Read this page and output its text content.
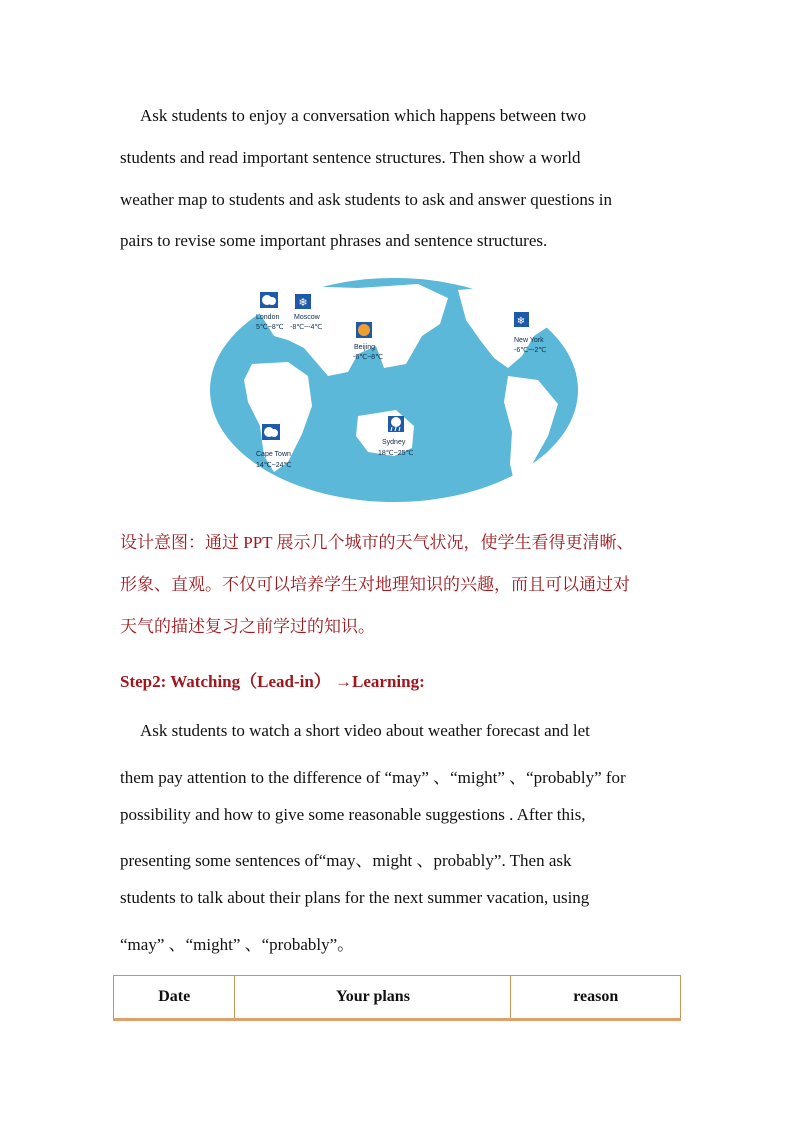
Ask students to enjoy a conversation which happens between two
students and read important sentence structures. Then show a world
weather map to students and ask students to ask and answer questions in
pairs to revise some important phrases and sentence structures.
London
5℃~8℃
❄
Moscow
-8℃~-4℃
Beijing
-6℃~8℃
❄
New York
-6℃~-2℃
Cape Town
14℃~24℃
Sydney
18℃~25℃
设计意图：通过 PPT 展示几个城市的天气状况，使学生看得更清晰、
形象、直观。不仅可以培养学生对地理知识的兴趣，而且可以通过对
天气的描述复习之前学过的知识。
Step2: Watching（Lead-in） →Learning:
Ask students to watch a short video about weather forecast and let
them pay attention to the difference of “may” 、“might” 、“probably” for
possibility and how to give some reasonable suggestions . After this,
presenting some sentences of“may、might 、probably”. Then ask
students to talk about their plans for the next summer vacation, using
“may” 、“might” 、“probably”。
Date	Your plans	reason
